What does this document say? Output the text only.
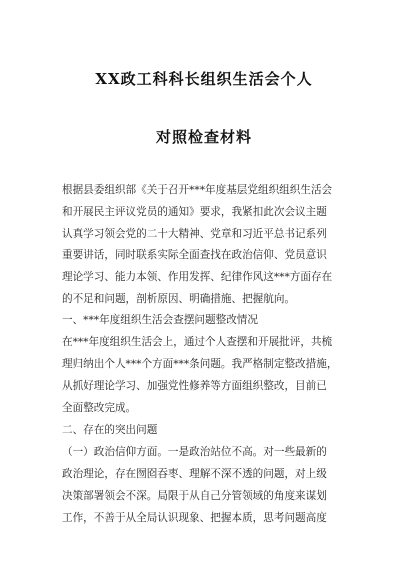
XX政工科科长组织生活会个人
对照检查材料
根据县委组织部《关于召开***年度基层党组织组织生活会
和开展民主评议党员的通知》要求，我紧扣此次会议主题
认真学习领会党的二十大精神、党章和习近平总书记系列
重要讲话，同时联系实际全面查找在政治信仰、党员意识
理论学习、能力本领、作用发挥、纪律作风这***方面存在
的不足和问题，剖析原因、明确措施、把握航向。
一、***年度组织生活会查摆问题整改情况
在***年度组织生活会上，通过个人查摆和开展批评，共梳
理归纳出个人***个方面***条问题。我严格制定整改措施，
从抓好理论学习、加强党性修养等方面组织整改，目前已
全面整改完成。
二、存在的突出问题
（一）政治信仰方面。一是政治站位不高。对一些最新的
政治理论，存在囫囵吞枣、理解不深不透的问题，对上级
决策部署领会不深。局限于从自己分管领域的角度来谋划
工作，不善于从全局认识现象、把握本质，思考问题高度
